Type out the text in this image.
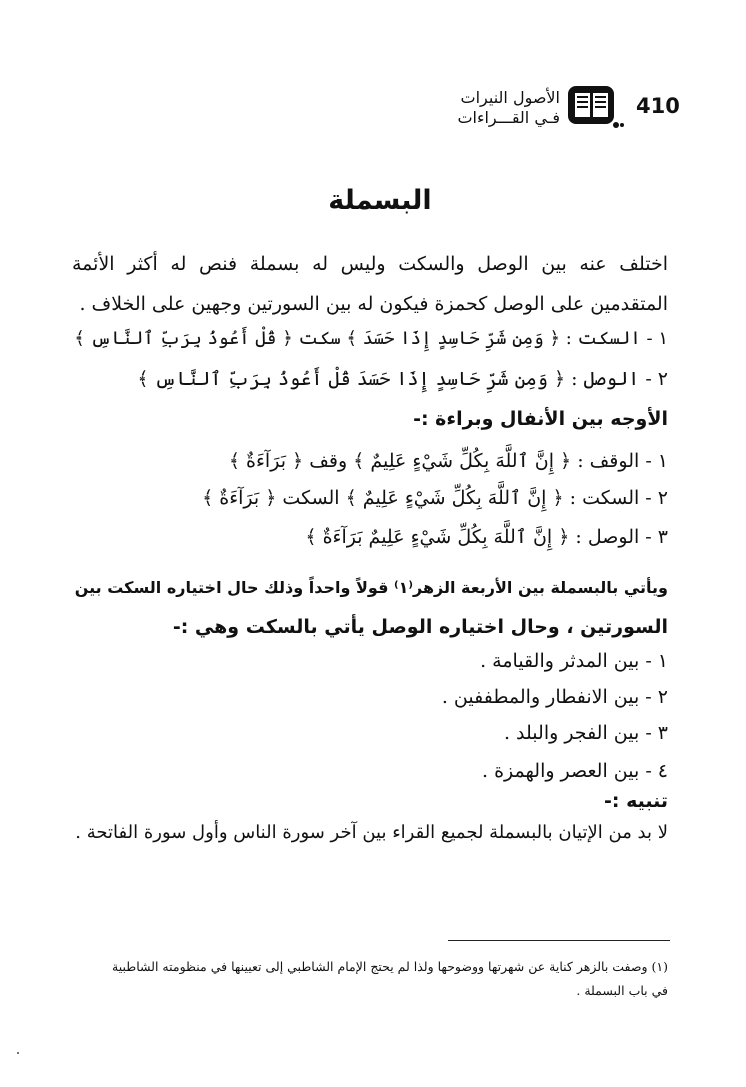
410
الأصول النيرات
فـي القـــراءات
البسملة
اختلف عنه بين الوصل والسكت وليس له بسملة فنص له أكثر الأئمة المتقدمين على الوصل كحمزة فيكون له بين السورتين وجهين على الخلاف .
١ - السكت : ﴿ وَمِن شَرِّ حَاسِدٍ إِذَا حَسَدَ ﴾ سكت ﴿ قُلْ أَعُوذُ بِرَبِّ ٱلنَّاسِ ﴾
٢ - الوصل : ﴿ وَمِن شَرِّ حَاسِدٍ إِذَا حَسَدَ قُلْ أَعُوذُ بِرَبِّ ٱلنَّاسِ ﴾
الأوجه بين الأنفال وبراءة :-
١ - الوقف : ﴿ إِنَّ ٱللَّهَ بِكُلِّ شَيْءٍ عَلِيمٌ ﴾ وقف ﴿ بَرَآءَةٌ ﴾
٢ - السكت : ﴿ إِنَّ ٱللَّهَ بِكُلِّ شَيْءٍ عَلِيمٌ ﴾ السكت ﴿ بَرَآءَةٌ ﴾
٣ - الوصل : ﴿ إِنَّ ٱللَّهَ بِكُلِّ شَيْءٍ عَلِيمٌ بَرَآءَةٌ ﴾
ويأتي بالبسملة بين الأربعة الزهر⁽١⁾ قولاً واحداً وذلك حال اختياره السكت بين
السورتين ، وحال اختياره الوصل يأتي بالسكت وهي :-
١ - بين المدثر والقيامة .
٢ - بين الانفطار والمطففين .
٣ - بين الفجر والبلد .
٤ - بين العصر والهمزة .
تنبيه :-
لا بد من الإتيان بالبسملة لجميع القراء بين آخر سورة الناس وأول سورة الفاتحة .
(١) وصفت بالزهر كناية عن شهرتها ووضوحها ولذا لم يحتج الإمام الشاطبي إلى تعيينها في منظومته الشاطبية في باب البسملة .
